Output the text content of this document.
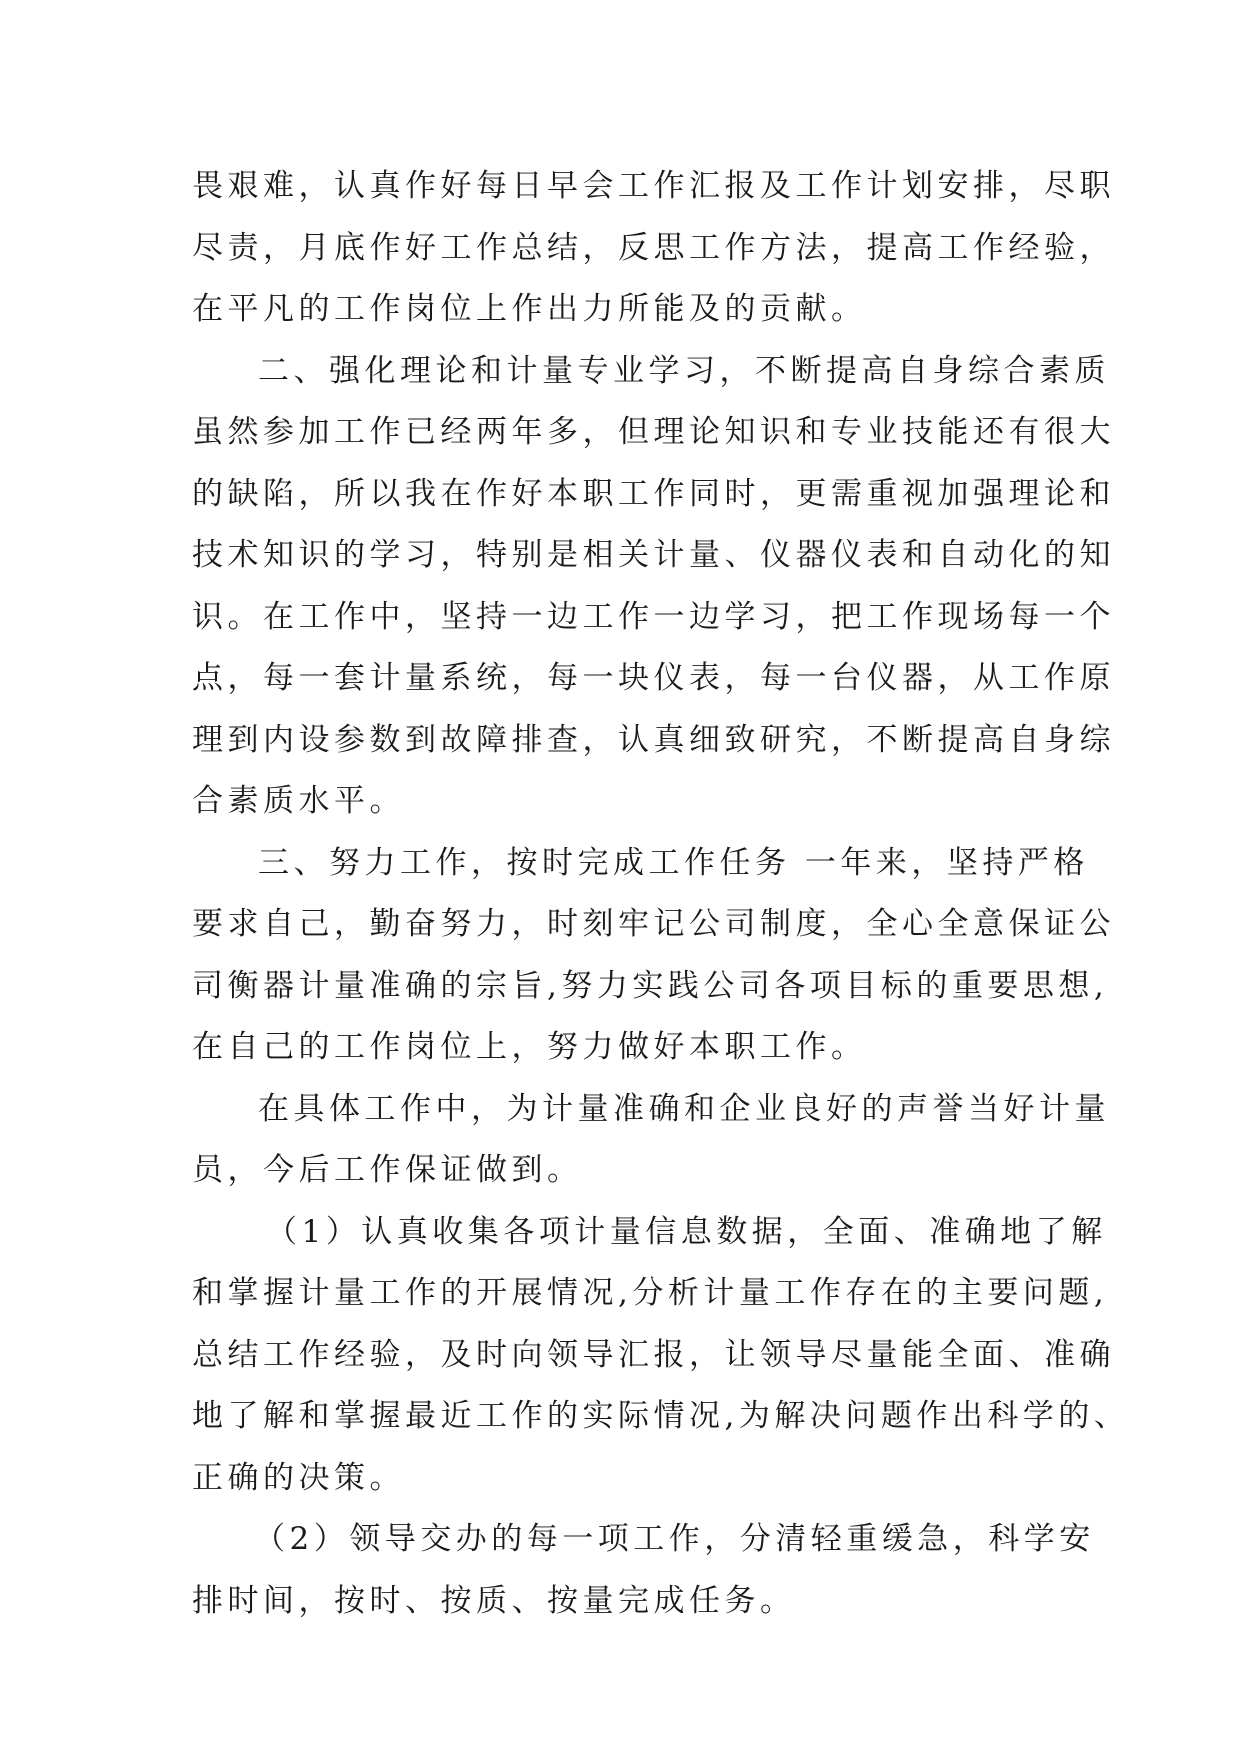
畏艰难，认真作好每日早会工作汇报及工作计划安排，尽职
尽责，月底作好工作总结，反思工作方法，提高工作经验，
在平凡的工作岗位上作出力所能及的贡献。
二、强化理论和计量专业学习，不断提高自身综合素质
虽然参加工作已经两年多，但理论知识和专业技能还有很大
的缺陷，所以我在作好本职工作同时，更需重视加强理论和
技术知识的学习，特别是相关计量、仪器仪表和自动化的知
识。在工作中，坚持一边工作一边学习，把工作现场每一个
点，每一套计量系统，每一块仪表，每一台仪器，从工作原
理到内设参数到故障排查，认真细致研究，不断提高自身综
合素质水平。
三、努力工作，按时完成工作任务 一年来，坚持严格
要求自己，勤奋努力，时刻牢记公司制度，全心全意保证公
司衡器计量准确的宗旨,努力实践公司各项目标的重要思想,
在自己的工作岗位上，努力做好本职工作。
在具体工作中，为计量准确和企业良好的声誉当好计量
员，今后工作保证做到。
（1）认真收集各项计量信息数据，全面、准确地了解
和掌握计量工作的开展情况,分析计量工作存在的主要问题,
总结工作经验，及时向领导汇报，让领导尽量能全面、准确
地了解和掌握最近工作的实际情况,为解决问题作出科学的、
正确的决策。
（2）领导交办的每一项工作，分清轻重缓急，科学安
排时间，按时、按质、按量完成任务。
